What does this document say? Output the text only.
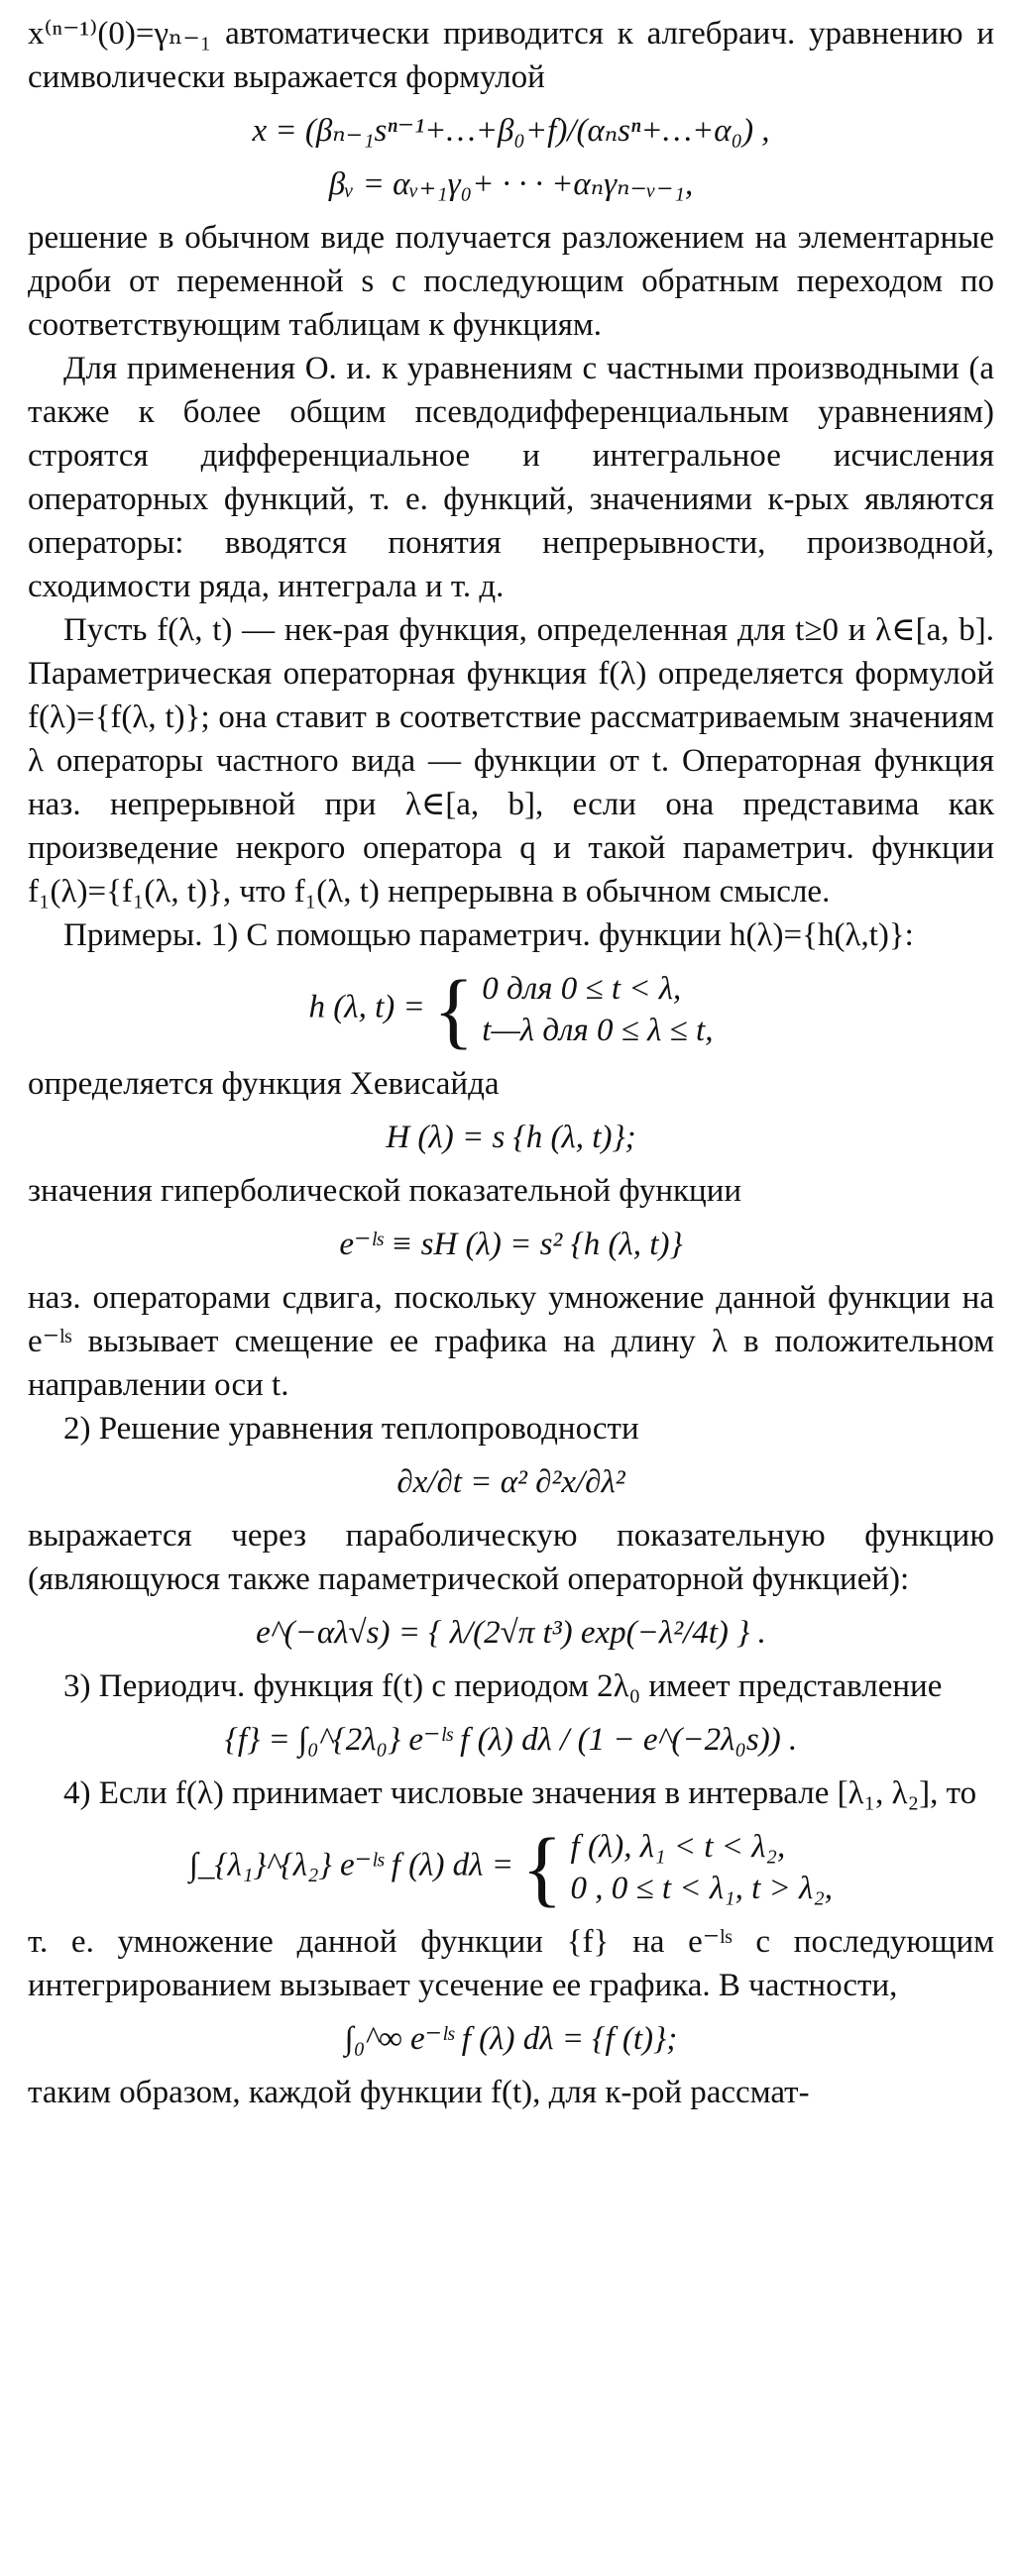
x⁽ⁿ⁻¹⁾(0)=γₙ₋₁ автоматически приводится к алгебраич. уравнению и символически выражается формулой

x = (βₙ₋₁sⁿ⁻¹+…+β₀+f)/(αₙsⁿ+…+α₀) ,
βᵥ = αᵥ₊₁γ₀+ · · · +αₙγₙ₋ᵥ₋₁,

решение в обычном виде получается разложением на элементарные дроби от переменной s с последующим обратным переходом по соответствующим таблицам к функциям.

Для применения О. и. к уравнениям с частными производными (а также к более общим псевдодифференциальным уравнениям) строятся дифференциальное и интегральное исчисления операторных функций, т. е. функций, значениями к-рых являются операторы: вводятся понятия непрерывности, производной, сходимости ряда, интеграла и т. д.

Пусть f(λ, t) — нек-рая функция, определенная для t≥0 и λ∈[a, b]. Параметрическая операторная функция f(λ) определяется формулой f(λ)={f(λ, t)}; она ставит в соответствие рассматриваемым значениям λ операторы частного вида — функции от t. Операторная функция наз. непрерывной при λ∈[a, b], если она представима как произведение некрого оператора q и такой параметрич. функции f₁(λ)={f₁(λ, t)}, что f₁(λ, t) непрерывна в обычном смысле.

Примеры. 1) С помощью параметрич. функции h(λ)={h(λ,t)}:

h (λ, t) = { 0 для 0 ≤ t < λ,
t—λ для 0 ≤ λ ≤ t,

определяется функция Хевисайда

H (λ) = s {h (λ, t)};

значения гиперболической показательной функции

e⁻ˡˢ ≡ sH (λ) = s² {h (λ, t)}

наз. операторами сдвига, поскольку умножение данной функции на e⁻ˡˢ вызывает смещение ее графика на длину λ в положительном направлении оси t.

2) Решение уравнения теплопроводности

∂x/∂t = α² ∂²x/∂λ²

выражается через параболическую показательную функцию (являющуюся также параметрической операторной функцией):

e^(−αλ√s) = { λ/(2√π t³) exp(−λ²/4t) } .

3) Периодич. функция f(t) с периодом 2λ₀ имеет представление

{f} = ∫₀^{2λ₀} e⁻ˡˢ f (λ) dλ / (1 − e^(−2λ₀s)) .

4) Если f(λ) принимает числовые значения в интервале [λ₁, λ₂], то

∫_{λ₁}^{λ₂} e⁻ˡˢ f (λ) dλ = { f (λ), λ₁ < t < λ₂,
0 , 0 ≤ t < λ₁, t > λ₂,

т. е. умножение данной функции {f} на e⁻ˡˢ с последующим интегрированием вызывает усечение ее графика. В частности,

∫₀^∞ e⁻ˡˢ f (λ) dλ = {f (t)};

таким образом, каждой функции f(t), для к-рой рассмат-
